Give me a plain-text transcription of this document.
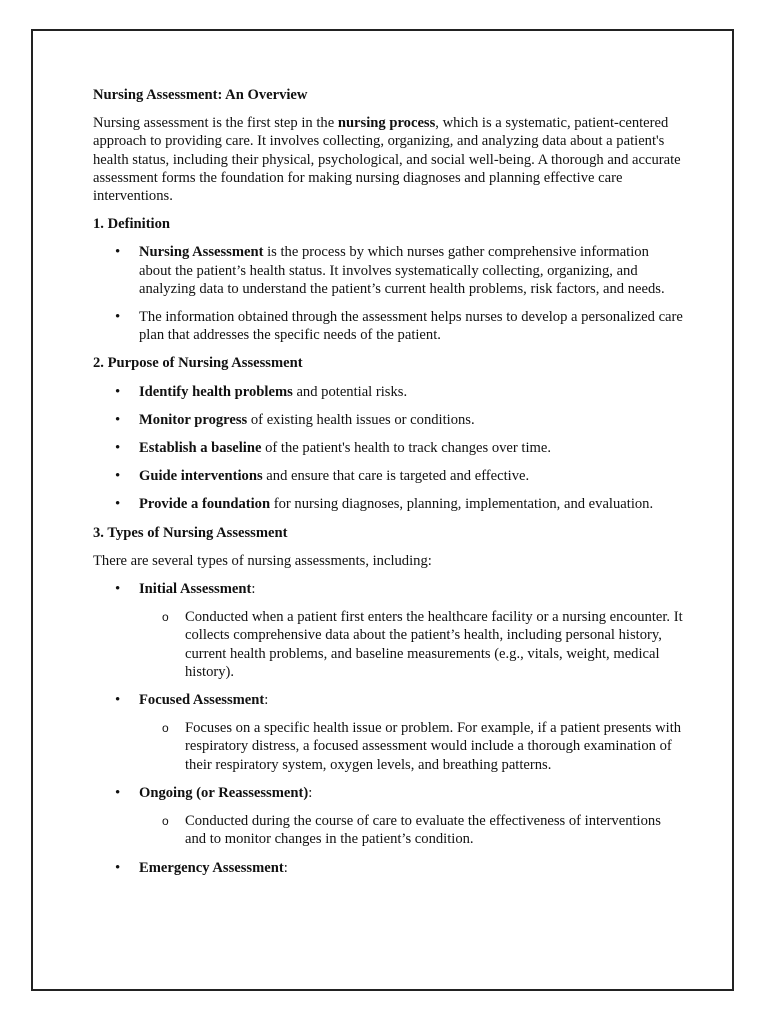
Nursing Assessment: An Overview

Nursing assessment is the first step in the nursing process, which is a systematic, patient-centered approach to providing care. It involves collecting, organizing, and analyzing data about a patient's health status, including their physical, psychological, and social well-being. A thorough and accurate assessment forms the foundation for making nursing diagnoses and planning effective care interventions.

1. Definition
• Nursing Assessment is the process by which nurses gather comprehensive information about the patient’s health status. It involves systematically collecting, organizing, and analyzing data to understand the patient’s current health problems, risk factors, and needs.
• The information obtained through the assessment helps nurses to develop a personalized care plan that addresses the specific needs of the patient.
2. Purpose of Nursing Assessment
• Identify health problems and potential risks.
• Monitor progress of existing health issues or conditions.
• Establish a baseline of the patient's health to track changes over time.
• Guide interventions and ensure that care is targeted and effective.
• Provide a foundation for nursing diagnoses, planning, implementation, and evaluation.
3. Types of Nursing Assessment

There are several types of nursing assessments, including:

• Initial Assessment:
o Conducted when a patient first enters the healthcare facility or a nursing encounter. It collects comprehensive data about the patient’s health, including personal history, current health problems, and baseline measurements (e.g., vitals, weight, medical history).
• Focused Assessment:
o Focuses on a specific health issue or problem. For example, if a patient presents with respiratory distress, a focused assessment would include a thorough examination of their respiratory system, oxygen levels, and breathing patterns.
• Ongoing (or Reassessment):
o Conducted during the course of care to evaluate the effectiveness of interventions and to monitor changes in the patient’s condition.
• Emergency Assessment:
